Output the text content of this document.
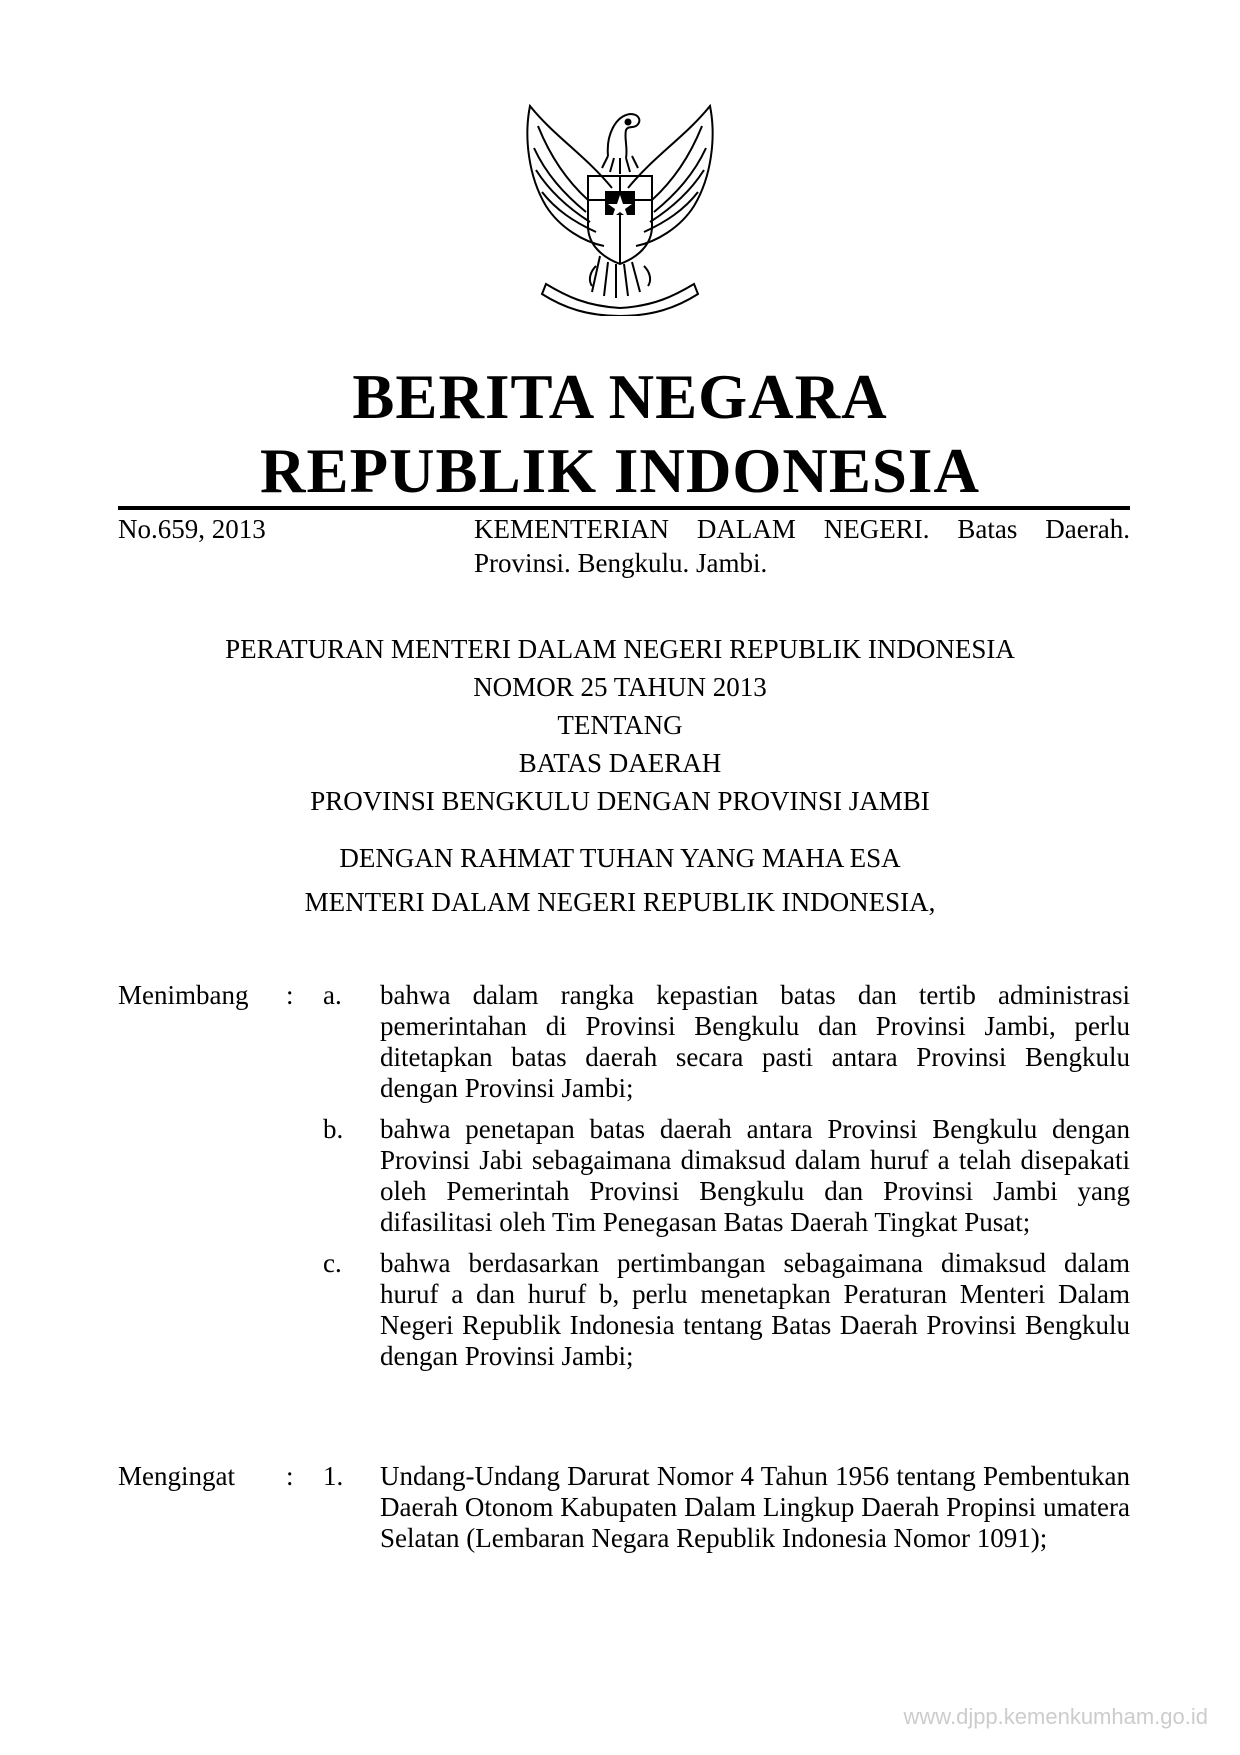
BERITA NEGARA
REPUBLIK INDONESIA
No.659, 2013	KEMENTERIAN DALAM NEGERI. Batas Daerah.
Provinsi. Bengkulu. Jambi.
PERATURAN MENTERI DALAM NEGERI REPUBLIK INDONESIA
NOMOR 25 TAHUN 2013
TENTANG
BATAS DAERAH
PROVINSI BENGKULU DENGAN PROVINSI JAMBI
DENGAN RAHMAT TUHAN YANG MAHA ESA
MENTERI DALAM NEGERI REPUBLIK INDONESIA,
Menimbang : a. bahwa dalam rangka kepastian batas dan tertib administrasi pemerintahan di Provinsi Bengkulu dan Provinsi Jambi, perlu ditetapkan batas daerah secara pasti antara Provinsi Bengkulu dengan Provinsi Jambi;
b. bahwa penetapan batas daerah antara Provinsi Bengkulu dengan Provinsi Jabi sebagaimana dimaksud dalam huruf a telah disepakati oleh Pemerintah Provinsi Bengkulu dan Provinsi Jambi yang difasilitasi oleh Tim Penegasan Batas Daerah Tingkat Pusat;
c. bahwa berdasarkan pertimbangan sebagaimana dimaksud dalam huruf a dan huruf b, perlu menetapkan Peraturan Menteri Dalam Negeri Republik Indonesia tentang Batas Daerah Provinsi Bengkulu dengan Provinsi Jambi;
Mengingat : 1. Undang-Undang Darurat Nomor 4 Tahun 1956 tentang Pembentukan Daerah Otonom Kabupaten Dalam Lingkup Daerah Propinsi umatera Selatan (Lembaran Negara Republik Indonesia Nomor 1091);
www.djpp.kemenkumham.go.id
